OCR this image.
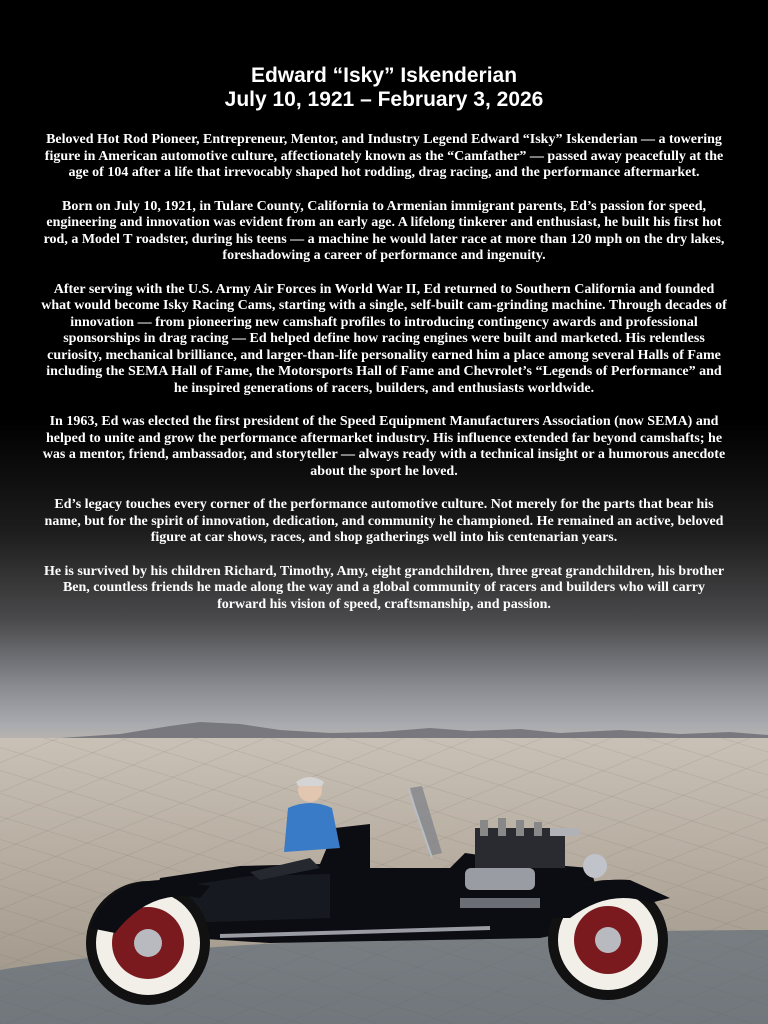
Edward “Isky” Iskenderian
July 10, 1921 – February 3, 2026

Beloved Hot Rod Pioneer, Entrepreneur, Mentor, and Industry Legend Edward “Isky” Iskenderian — a towering figure in American automotive culture, affectionately known as the “Camfather” — passed away peacefully at the age of 104 after a life that irrevocably shaped hot rodding, drag racing, and the performance aftermarket.

Born on July 10, 1921, in Tulare County, California to Armenian immigrant parents, Ed’s passion for speed, engineering and innovation was evident from an early age. A lifelong tinkerer and enthusiast, he built his first hot rod, a Model T roadster, during his teens — a machine he would later race at more than 120 mph on the dry lakes, foreshadowing a career of performance and ingenuity.

After serving with the U.S. Army Air Forces in World War II, Ed returned to Southern California and founded what would become Isky Racing Cams, starting with a single, self-built cam-grinding machine. Through decades of innovation — from pioneering new camshaft profiles to introducing contingency awards and professional sponsorships in drag racing — Ed helped define how racing engines were built and marketed. His relentless curiosity, mechanical brilliance, and larger-than-life personality earned him a place among several Halls of Fame including the SEMA Hall of Fame, the Motorsports Hall of Fame and Chevrolet’s “Legends of Performance” and he inspired generations of racers, builders, and enthusiasts worldwide.

In 1963, Ed was elected the first president of the Speed Equipment Manufacturers Association (now SEMA) and helped to unite and grow the performance aftermarket industry. His influence extended far beyond camshafts; he was a mentor, friend, ambassador, and storyteller — always ready with a technical insight or a humorous anecdote about the sport he loved.

Ed’s legacy touches every corner of the performance automotive culture. Not merely for the parts that bear his name, but for the spirit of innovation, dedication, and community he championed. He remained an active, beloved figure at car shows, races, and shop gatherings well into his centenarian years.

He is survived by his children Richard, Timothy, Amy, eight grandchildren, three great grandchildren, his brother Ben, countless friends he made along the way and a global community of racers and builders who will carry forward his vision of speed, craftsmanship, and passion.
